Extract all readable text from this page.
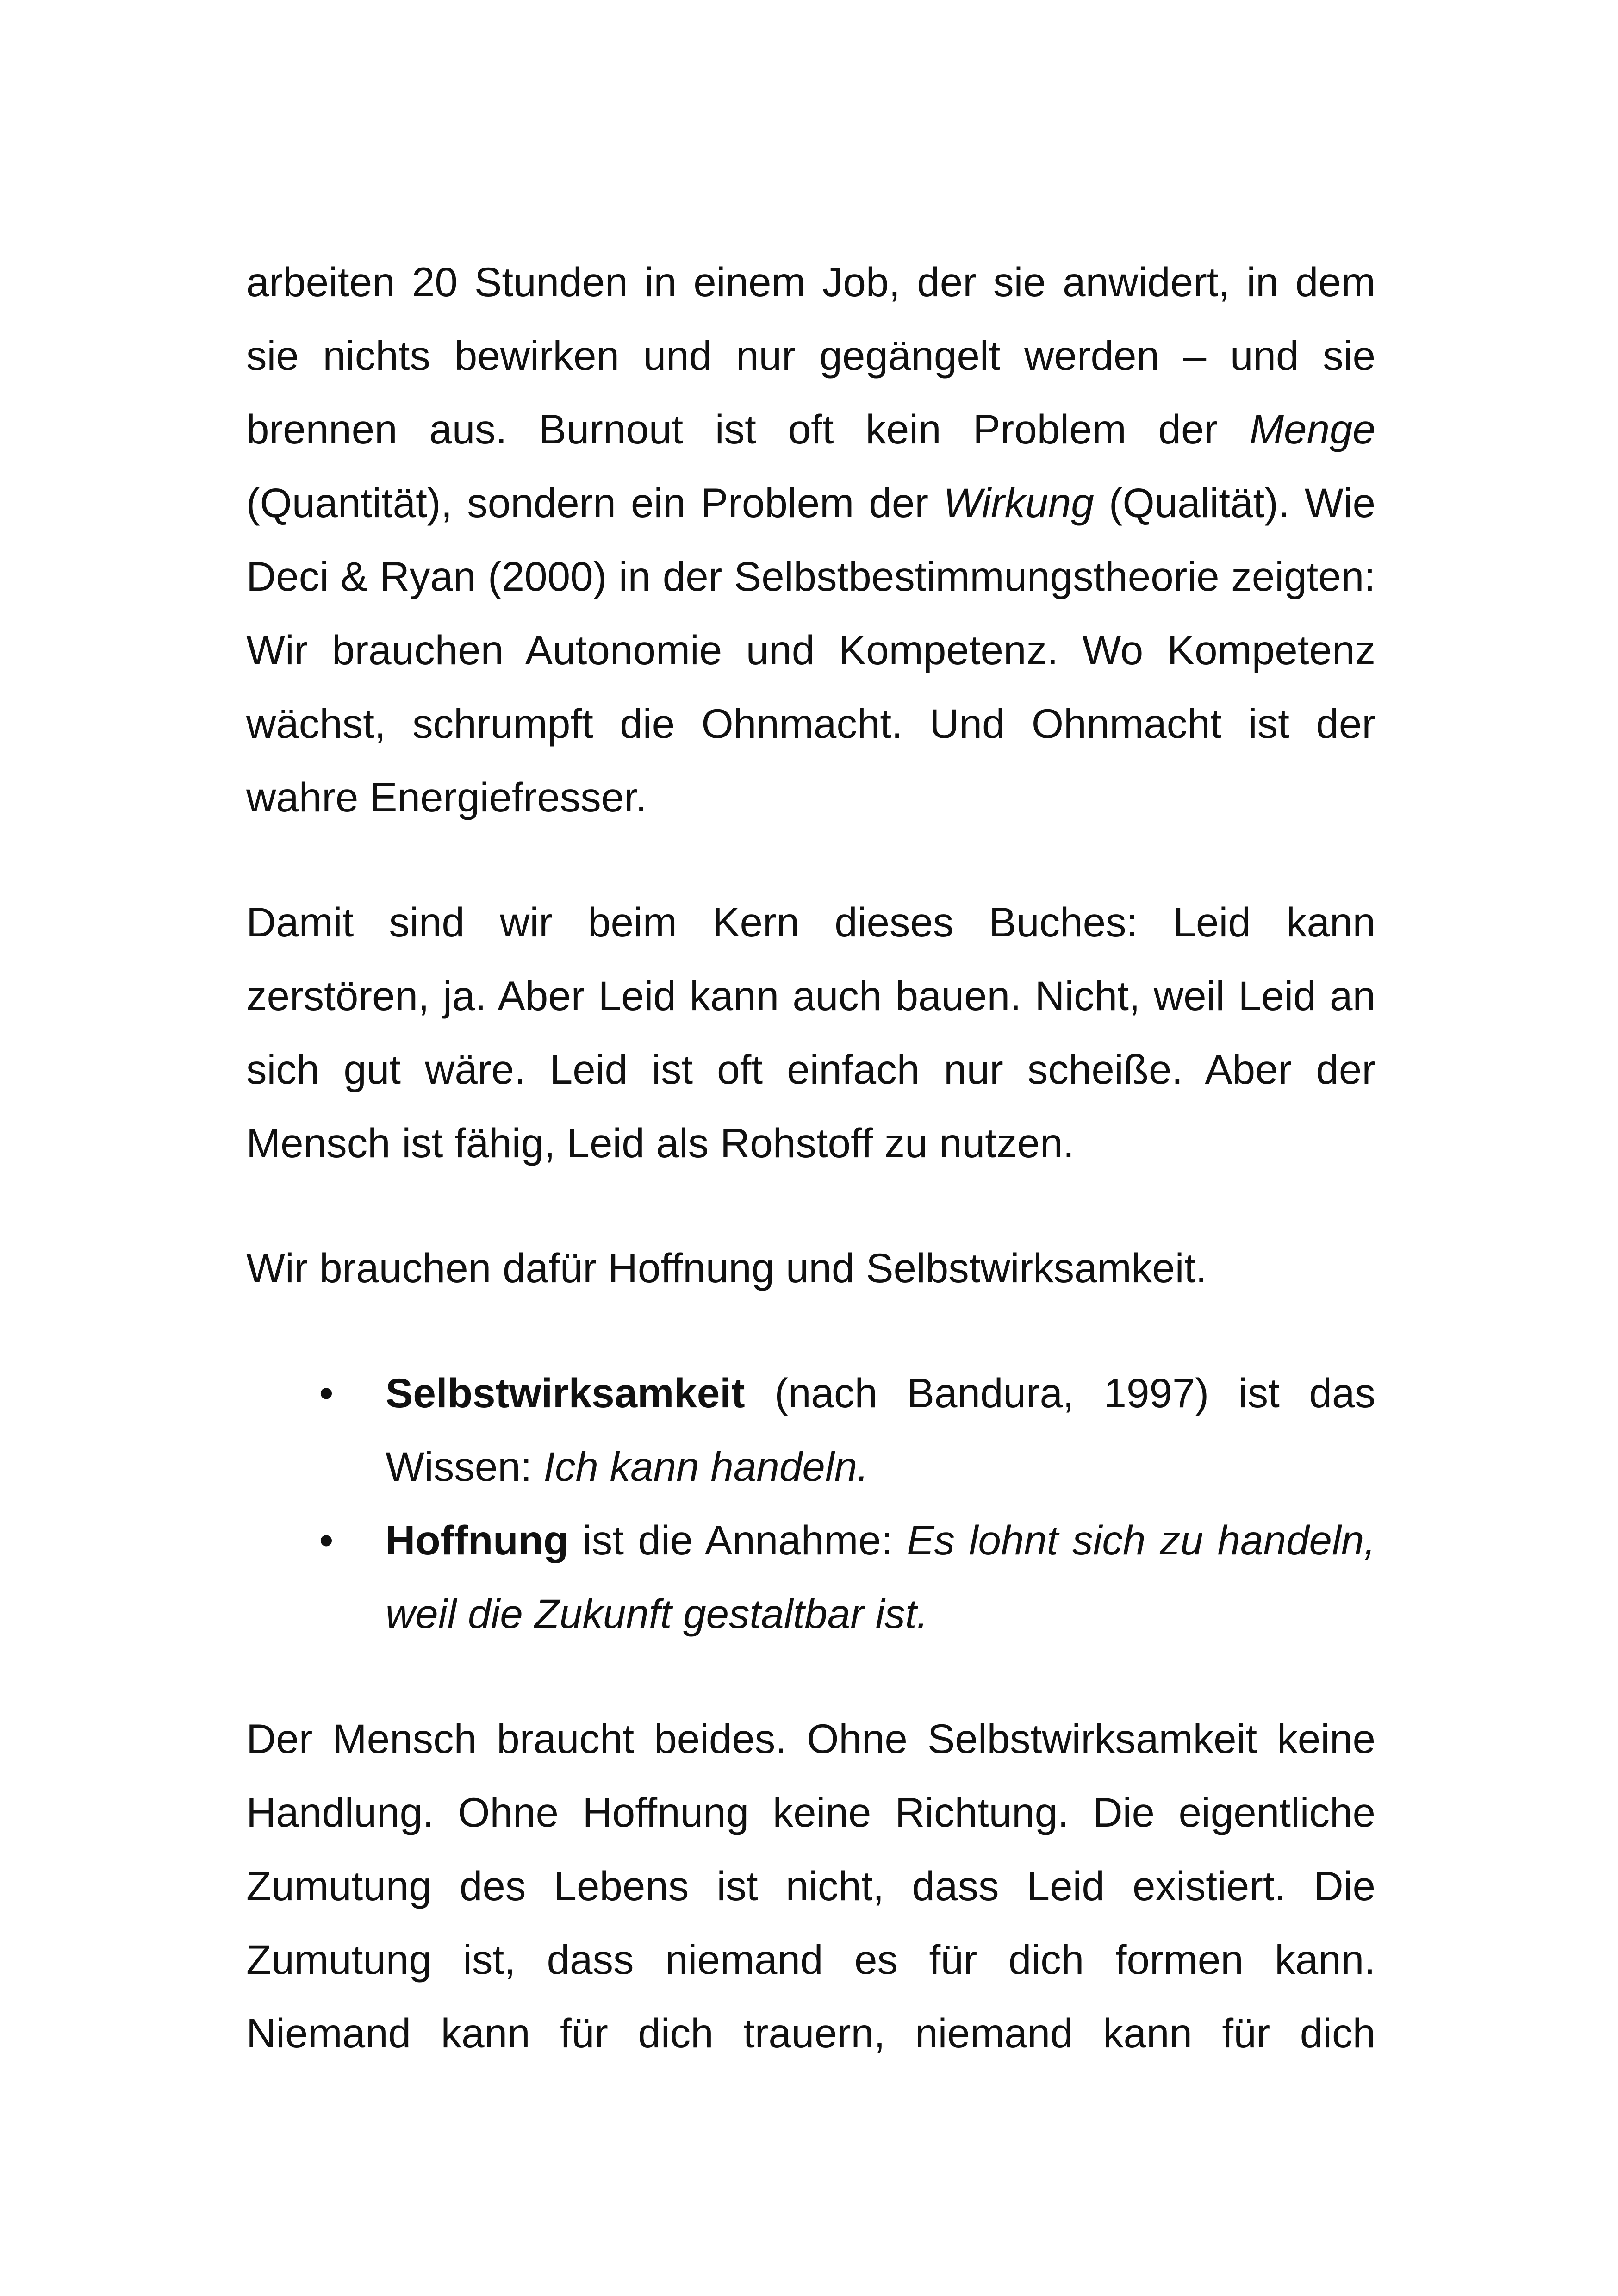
arbeiten 20 Stunden in einem Job, der sie anwidert, in dem sie nichts bewirken und nur gegängelt werden – und sie brennen aus. Burnout ist oft kein Problem der Menge (Quantität), sondern ein Problem der Wirkung (Qualität). Wie Deci & Ryan (2000) in der Selbstbestimmungstheorie zeigten: Wir brauchen Autonomie und Kompetenz. Wo Kompetenz wächst, schrumpft die Ohnmacht. Und Ohnmacht ist der wahre Energiefresser.

Damit sind wir beim Kern dieses Buches: Leid kann zerstören, ja. Aber Leid kann auch bauen. Nicht, weil Leid an sich gut wäre. Leid ist oft einfach nur scheiße. Aber der Mensch ist fähig, Leid als Rohstoff zu nutzen.

Wir brauchen dafür Hoffnung und Selbstwirksamkeit.

• Selbstwirksamkeit (nach Bandura, 1997) ist das Wissen: Ich kann handeln.
• Hoffnung ist die Annahme: Es lohnt sich zu handeln, weil die Zukunft gestaltbar ist.

Der Mensch braucht beides. Ohne Selbstwirksamkeit keine Handlung. Ohne Hoffnung keine Richtung. Die eigentliche Zumutung des Lebens ist nicht, dass Leid existiert. Die Zumutung ist, dass niemand es für dich formen kann. Niemand kann für dich trauern, niemand kann für dich
